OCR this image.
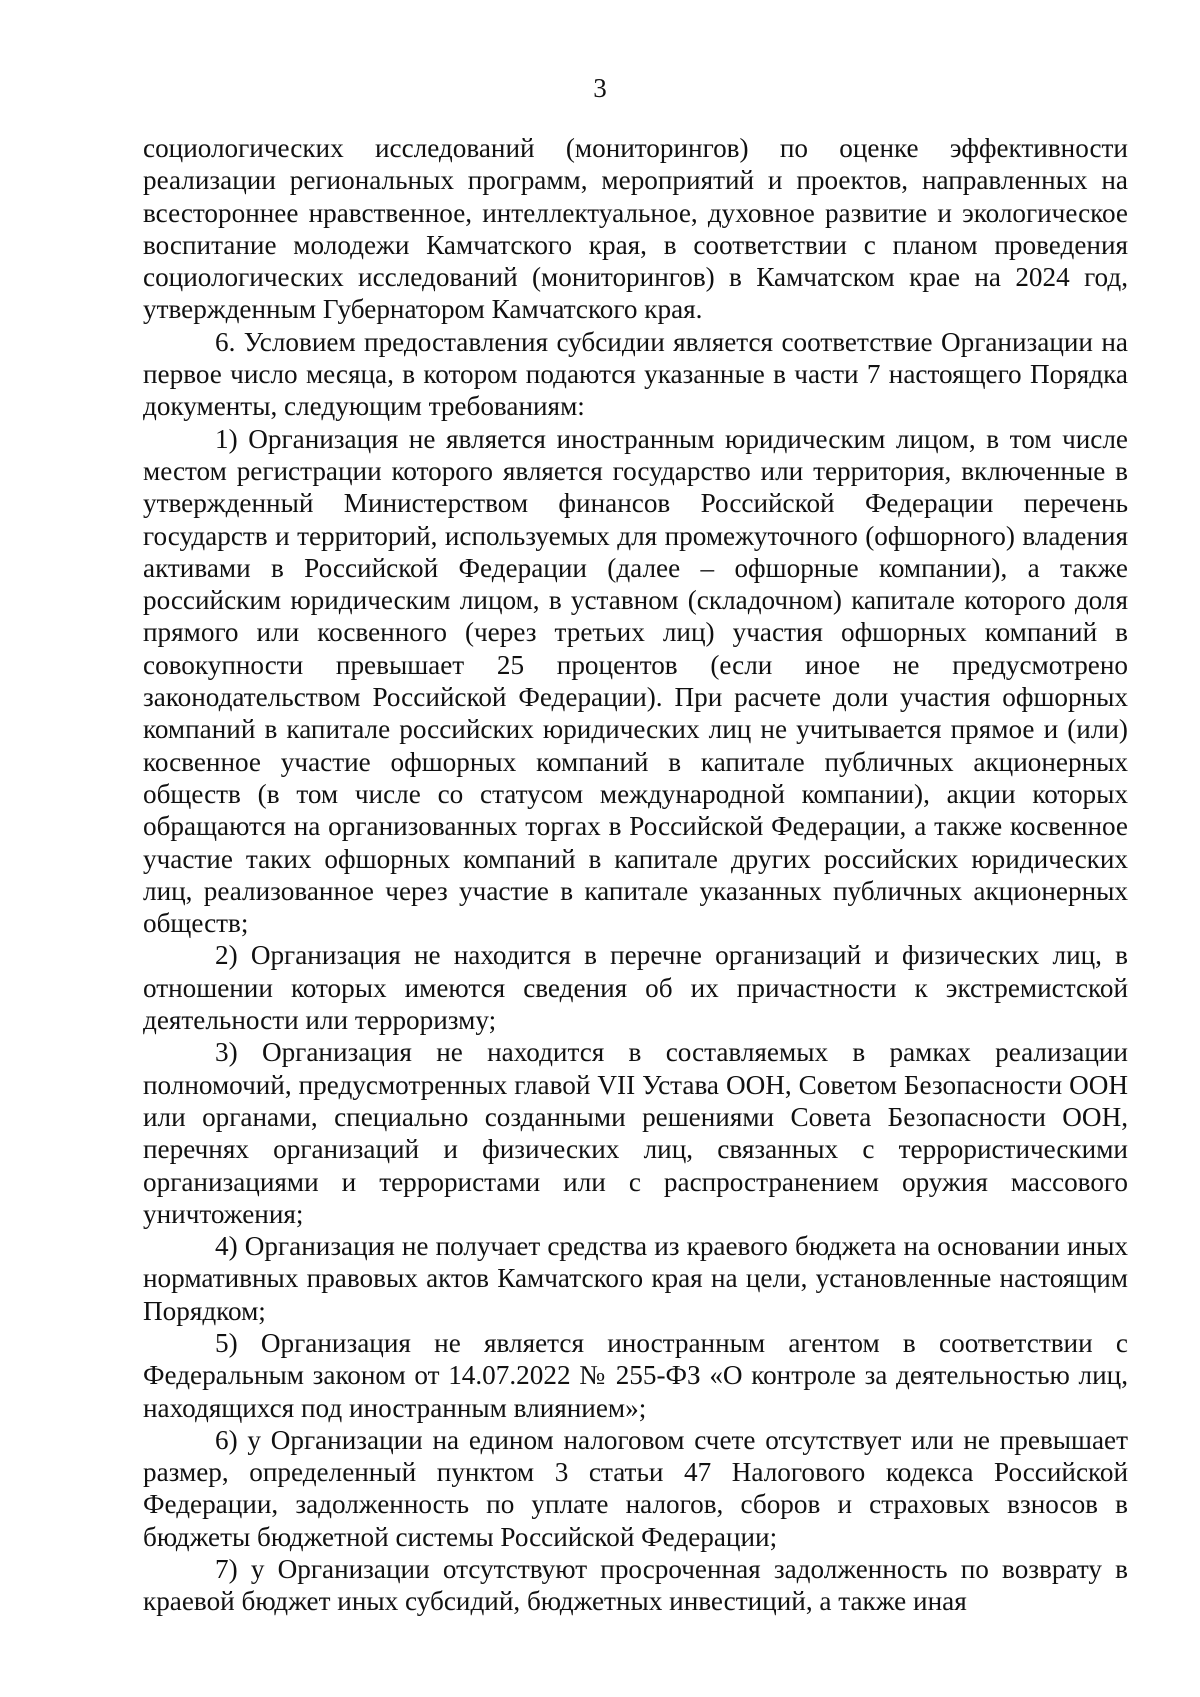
3

социологических исследований (мониторингов) по оценке эффективности реализации региональных программ, мероприятий и проектов, направленных на всестороннее нравственное, интеллектуальное, духовное развитие и экологическое воспитание молодежи Камчатского края, в соответствии с планом проведения социологических исследований (мониторингов) в Камчатском крае на 2024 год, утвержденным Губернатором Камчатского края.

6. Условием предоставления субсидии является соответствие Организации на первое число месяца, в котором подаются указанные в части 7 настоящего Порядка документы, следующим требованиям:

1) Организация не является иностранным юридическим лицом, в том числе местом регистрации которого является государство или территория, включенные в утвержденный Министерством финансов Российской Федерации перечень государств и территорий, используемых для промежуточного (офшорного) владения активами в Российской Федерации (далее – офшорные компании), а также российским юридическим лицом, в уставном (складочном) капитале которого доля прямого или косвенного (через третьих лиц) участия офшорных компаний в совокупности превышает 25 процентов (если иное не предусмотрено законодательством Российской Федерации). При расчете доли участия офшорных компаний в капитале российских юридических лиц не учитывается прямое и (или) косвенное участие офшорных компаний в капитале публичных акционерных обществ (в том числе со статусом международной компании), акции которых обращаются на организованных торгах в Российской Федерации, а также косвенное участие таких офшорных компаний в капитале других российских юридических лиц, реализованное через участие в капитале указанных публичных акционерных обществ;

2) Организация не находится в перечне организаций и физических лиц, в отношении которых имеются сведения об их причастности к экстремистской деятельности или терроризму;

3) Организация не находится в составляемых в рамках реализации полномочий, предусмотренных главой VII Устава ООН, Советом Безопасности ООН или органами, специально созданными решениями Совета Безопасности ООН, перечнях организаций и физических лиц, связанных с террористическими организациями и террористами или с распространением оружия массового уничтожения;

4) Организация не получает средства из краевого бюджета на основании иных нормативных правовых актов Камчатского края на цели, установленные настоящим Порядком;

5) Организация не является иностранным агентом в соответствии с Федеральным законом от 14.07.2022 № 255-ФЗ «О контроле за деятельностью лиц, находящихся под иностранным влиянием»;

6) у Организации на едином налоговом счете отсутствует или не превышает размер, определенный пунктом 3 статьи 47 Налогового кодекса Российской Федерации, задолженность по уплате налогов, сборов и страховых взносов в бюджеты бюджетной системы Российской Федерации;

7) у Организации отсутствуют просроченная задолженность по возврату в краевой бюджет иных субсидий, бюджетных инвестиций, а также иная
